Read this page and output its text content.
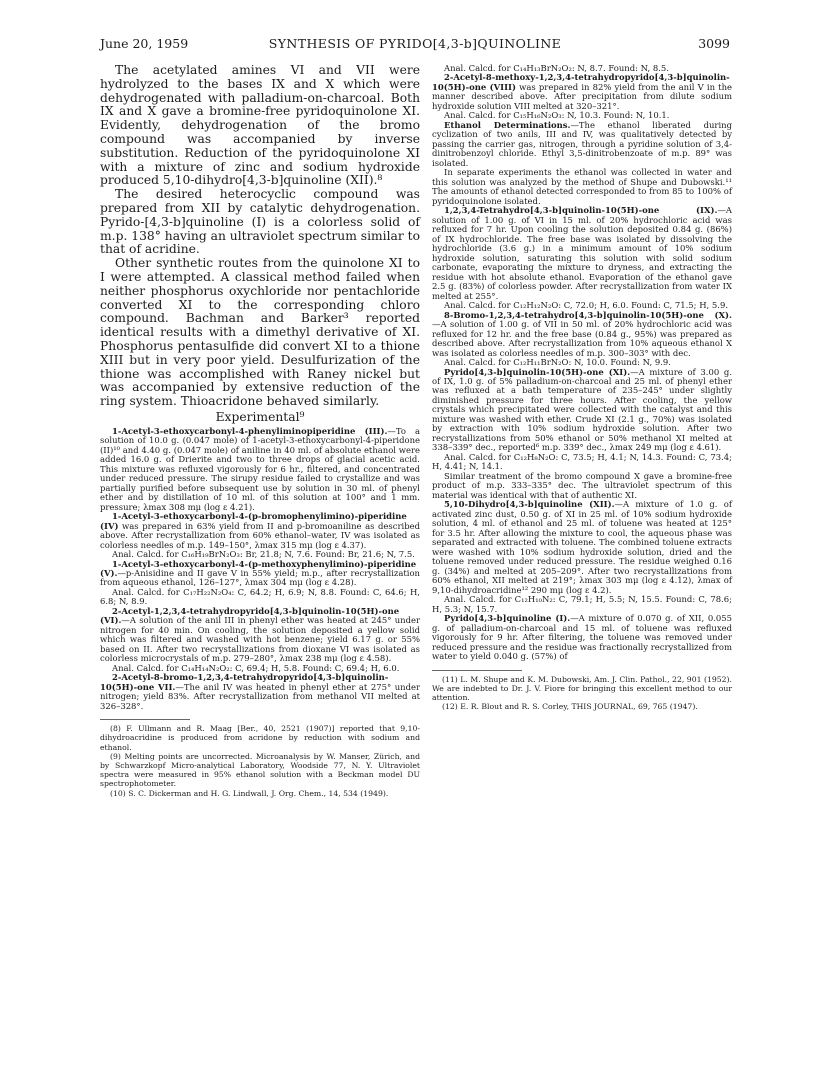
June 20, 1959	SYNTHESIS OF PYRIDO[4,3-b]QUINOLINE	3099

The acetylated amines VI and VII were hydrolyzed to the bases IX and X which were dehydrogenated with palladium-on-charcoal. Both IX and X gave a bromine-free pyridoquinolone XI. Evidently, dehydrogenation of the bromo compound was accompanied by inverse substitution. Reduction of the pyridoquinolone XI with a mixture of zinc and sodium hydroxide produced 5,10-dihydro[4,3-b]quinoline (XII).⁸

The desired heterocyclic compound was prepared from XII by catalytic dehydrogenation. Pyrido-[4,3-b]quinoline (I) is a colorless solid of m.p. 138° having an ultraviolet spectrum similar to that of acridine.

Other synthetic routes from the quinolone XI to I were attempted. A classical method failed when neither phosphorus oxychloride nor pentachloride converted XI to the corresponding chloro compound. Bachman and Barker³ reported identical results with a dimethyl derivative of XI. Phosphorus pentasulfide did convert XI to a thione XIII but in very poor yield. Desulfurization of the thione was accomplished with Raney nickel but was accompanied by extensive reduction of the ring system. Thioacridone behaved similarly.

Experimental⁹

1-Acetyl-3-ethoxycarbonyl-4-phenyliminopiperidine (III).—To a solution of 10.0 g. (0.047 mole) of 1-acetyl-3-ethoxycarbonyl-4-piperidone (II)¹⁰ and 4.40 g. (0.047 mole) of aniline in 40 ml. of absolute ethanol were added 16.0 g. of Drierite and two to three drops of glacial acetic acid. This mixture was refluxed vigorously for 6 hr., filtered, and concentrated under reduced pressure. The sirupy residue failed to crystallize and was partially purified before subsequent use by solution in 30 ml. of phenyl ether and by distillation of 10 ml. of this solution at 100° and 1 mm. pressure; λmax 308 mμ (log ε 4.21).

1-Acetyl-3-ethoxycarbonyl-4-(p-bromophenylimino)-piperidine (IV) was prepared in 63% yield from II and p-bromoaniline as described above. After recrystallization from 60% ethanol–water, IV was isolated as colorless needles of m.p. 149–150°, λmax 315 mμ (log ε 4.37).

Anal. Calcd. for C₁₆H₁₉BrN₂O₃: Br, 21.8; N, 7.6. Found: Br, 21.6; N, 7.5.

1-Acetyl-3-ethoxycarbonyl-4-(p-methoxyphenylimino)-piperidine (V).—p-Anisidine and II gave V in 55% yield; m.p., after recrystallization from aqueous ethanol, 126–127°, λmax 304 mμ (log ε 4.28).

Anal. Calcd. for C₁₇H₂₂N₂O₄: C, 64.2; H, 6.9; N, 8.8. Found: C, 64.6; H, 6.8; N, 8.9.

2-Acetyl-1,2,3,4-tetrahydropyrido[4,3-b]quinolin-10(5H)-one (VI).—A solution of the anil III in phenyl ether was heated at 245° under nitrogen for 40 min. On cooling, the solution deposited a yellow solid which was filtered and washed with hot benzene; yield 6.17 g. or 55% based on II. After two recrystallizations from dioxane VI was isolated as colorless microcrystals of m.p. 279–280°, λmax 238 mμ (log ε 4.58).

Anal. Calcd. for C₁₄H₁₄N₂O₂: C, 69.4; H, 5.8. Found: C, 69.4; H, 6.0.

2-Acetyl-8-bromo-1,2,3,4-tetrahydropyrido[4,3-b]quinolin-10(5H)-one VII.—The anil IV was heated in phenyl ether at 275° under nitrogen; yield 83%. After recrystallization from methanol VII melted at 326–328°.

(8) F. Ullmann and R. Maag [Ber., 40, 2521 (1907)] reported that 9,10-dihydroacridine is produced from acridone by reduction with sodium and ethanol.

(9) Melting points are uncorrected. Microanalysis by W. Manser, Zürich, and by Schwarzkopf Micro-analytical Laboratory, Woodside 77, N. Y. Ultraviolet spectra were measured in 95% ethanol solution with a Beckman model DU spectrophotometer.

(10) S. C. Dickerman and H. G. Lindwall, J. Org. Chem., 14, 534 (1949).

Anal. Calcd. for C₁₄H₁₃BrN₂O₂: N, 8.7. Found: N, 8.5.

2-Acetyl-8-methoxy-1,2,3,4-tetrahydropyrido[4,3-b]quinolin-10(5H)-one (VIII) was prepared in 82% yield from the anil V in the manner described above. After precipitation from dilute sodium hydroxide solution VIII melted at 320–321°.

Anal. Calcd. for C₁₅H₁₆N₂O₃: N, 10.3. Found: N, 10.1.

Ethanol Determinations.—The ethanol liberated during cyclization of two anils, III and IV, was qualitatively detected by passing the carrier gas, nitrogen, through a pyridine solution of 3,4-dinitrobenzoyl chloride. Ethyl 3,5-dinitrobenzoate of m.p. 89° was isolated.

In separate experiments the ethanol was collected in water and this solution was analyzed by the method of Shupe and Dubowski.¹¹ The amounts of ethanol detected corresponded to from 85 to 100% of pyridoquinolone isolated.

1,2,3,4-Tetrahydro[4,3-b]quinolin-10(5H)-one (IX).—A solution of 1.00 g. of VI in 15 ml. of 20% hydrochloric acid was refluxed for 7 hr. Upon cooling the solution deposited 0.84 g. (86%) of IX hydrochloride. The free base was isolated by dissolving the hydrochloride (3.6 g.) in a minimum amount of 10% sodium hydroxide solution, saturating this solution with solid sodium carbonate, evaporating the mixture to dryness, and extracting the residue with hot absolute ethanol. Evaporation of the ethanol gave 2.5 g. (83%) of colorless powder. After recrystallization from water IX melted at 255°.

Anal. Calcd. for C₁₂H₁₂N₂O: C, 72.0; H, 6.0. Found: C, 71.5; H, 5.9.

8-Bromo-1,2,3,4-tetrahydro[4,3-b]quinolin-10(5H)-one (X).—A solution of 1.00 g. of VII in 50 ml. of 20% hydrochloric acid was refluxed for 12 hr. and the free base (0.84 g., 95%) was prepared as described above. After recrystallization from 10% aqueous ethanol X was isolated as colorless needles of m.p. 300–303° with dec.

Anal. Calcd. for C₁₂H₁₁BrN₂O: N, 10.0. Found: N, 9.9.

Pyrido[4,3-b]quinolin-10(5H)-one (XI).—A mixture of 3.00 g. of IX, 1.0 g. of 5% palladium-on-charcoal and 25 ml. of phenyl ether was refluxed at a bath temperature of 235–245° under slightly diminished pressure for three hours. After cooling, the yellow crystals which precipitated were collected with the catalyst and this mixture was washed with ether. Crude XI (2.1 g., 70%) was isolated by extraction with 10% sodium hydroxide solution. After two recrystallizations from 50% ethanol or 50% methanol XI melted at 338–339° dec., reported⁶ m.p. 339° dec., λmax 249 mμ (log ε 4.61).

Anal. Calcd. for C₁₂H₈N₂O: C, 73.5; H, 4.1; N, 14.3. Found: C, 73.4; H, 4.41; N, 14.1.

Similar treatment of the bromo compound X gave a bromine-free product of m.p. 333–335° dec. The ultraviolet spectrum of this material was identical with that of authentic XI.

5,10-Dihydro[4,3-b]quinoline (XII).—A mixture of 1.0 g. of activated zinc dust, 0.50 g. of XI in 25 ml. of 10% sodium hydroxide solution, 4 ml. of ethanol and 25 ml. of toluene was heated at 125° for 3.5 hr. After allowing the mixture to cool, the aqueous phase was separated and extracted with toluene. The combined toluene extracts were washed with 10% sodium hydroxide solution, dried and the toluene removed under reduced pressure. The residue weighed 0.16 g. (34%) and melted at 205–209°. After two recrystallizations from 60% ethanol, XII melted at 219°; λmax 303 mμ (log ε 4.12), λmax of 9,10-dihydroacridine¹² 290 mμ (log ε 4.2).

Anal. Calcd. for C₁₂H₁₀N₂: C, 79.1; H, 5.5; N, 15.5. Found: C, 78.6; H, 5.3; N, 15.7.

Pyrido[4,3-b]quinoline (I).—A mixture of 0.070 g. of XII, 0.055 g. of palladium-on-charcoal and 15 ml. of toluene was refluxed vigorously for 9 hr. After filtering, the toluene was removed under reduced pressure and the residue was fractionally recrystallized from water to yield 0.040 g. (57%) of

(11) L. M. Shupe and K. M. Dubowski, Am. J. Clin. Pathol., 22, 901 (1952). We are indebted to Dr. J. V. Fiore for bringing this excellent method to our attention.

(12) E. R. Blout and R. S. Corley, THIS JOURNAL, 69, 765 (1947).
